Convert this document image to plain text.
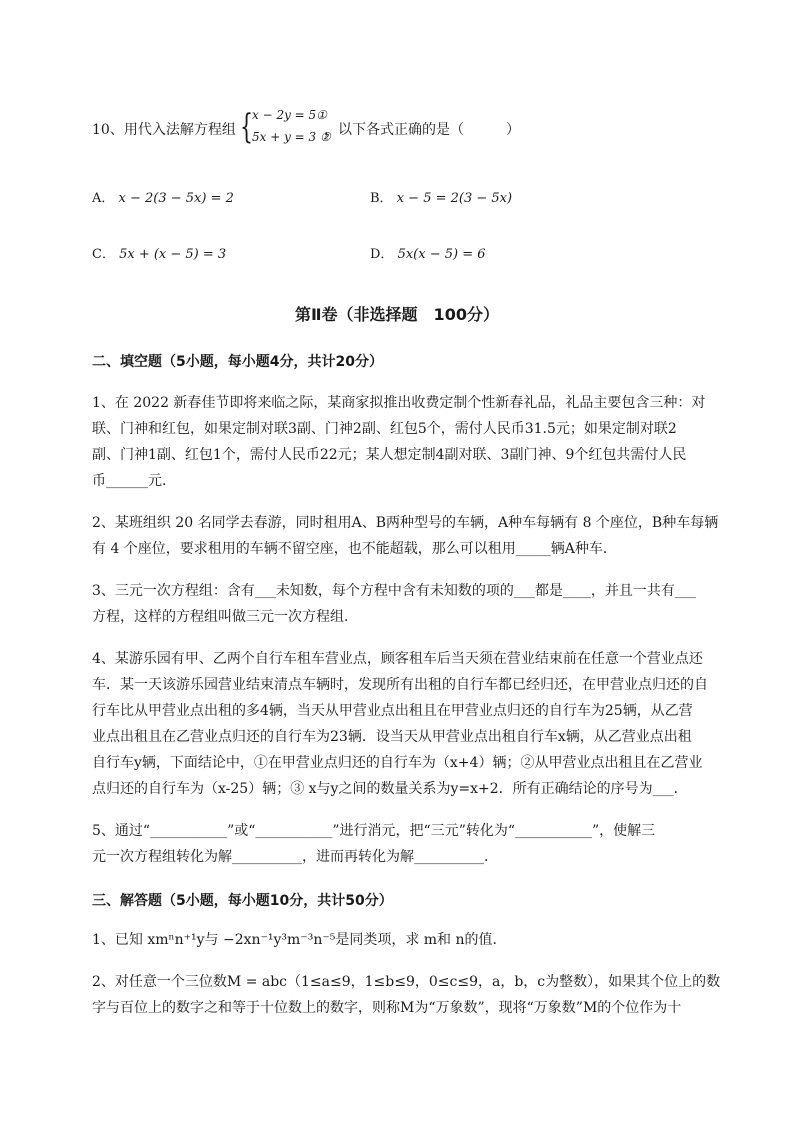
10、用代入法解方程组 { x − 2y = 5①
5x + y = 3 ②
，以下各式正确的是（　　　）
A． x − 2(3 − 5x) = 2	B． x − 5 = 2(3 − 5x)
C． 5x + (x − 5) = 3	D． 5x(x − 5) = 6
第Ⅱ卷（非选择题　100分）
二、填空题（5小题，每小题4分，共计20分）
1、在 2022 新春佳节即将来临之际，某商家拟推出收费定制个性新春礼品，礼品主要包含三种：对
联、门神和红包，如果定制对联3副、门神2副、红包5个，需付人民币31.5元；如果定制对联2
副、门神1副、红包1个，需付人民币22元；某人想定制4副对联、3副门神、9个红包共需付人民
币______元．
2、某班组织 20 名同学去春游，同时租用A、B两种型号的车辆，A种车每辆有 8 个座位，B种车每辆
有 4 个座位，要求租用的车辆不留空座，也不能超载，那么可以租用_____辆A种车．
3、三元一次方程组：含有___未知数，每个方程中含有未知数的项的___都是____，并且一共有___
方程，这样的方程组叫做三元一次方程组．
4、某游乐园有甲、乙两个自行车租车营业点，顾客租车后当天须在营业结束前在任意一个营业点还
车．某一天该游乐园营业结束清点车辆时，发现所有出租的自行车都已经归还，在甲营业点归还的自
行车比从甲营业点出租的多4辆，当天从甲营业点出租且在甲营业点归还的自行车为25辆，从乙营
业点出租且在乙营业点归还的自行车为23辆．设当天从甲营业点出租自行车x辆，从乙营业点出租
自行车y辆，下面结论中，①在甲营业点归还的自行车为（x+4）辆；②从甲营业点出租且在乙营业
点归还的自行车为（x-25）辆；③ x与y之间的数量关系为y=x+2．所有正确结论的序号为___．
5、通过“___________”或“___________”进行消元，把“三元”转化为“___________”，使解三
元一次方程组转化为解__________，进而再转化为解__________．
三、解答题（5小题，每小题10分，共计50分）
1、已知 xmⁿn⁺¹y与 −2xn⁻¹y³m⁻³n⁻⁵是同类项，求 m和 n的值．
2、对任意一个三位数M = abc（1≤a≤9，1≤b≤9，0≤c≤9，a，b，c为整数），如果其个位上的数
字与百位上的数字之和等于十位数上的数字，则称M为“万象数”，现将“万象数”M的个位作为十
